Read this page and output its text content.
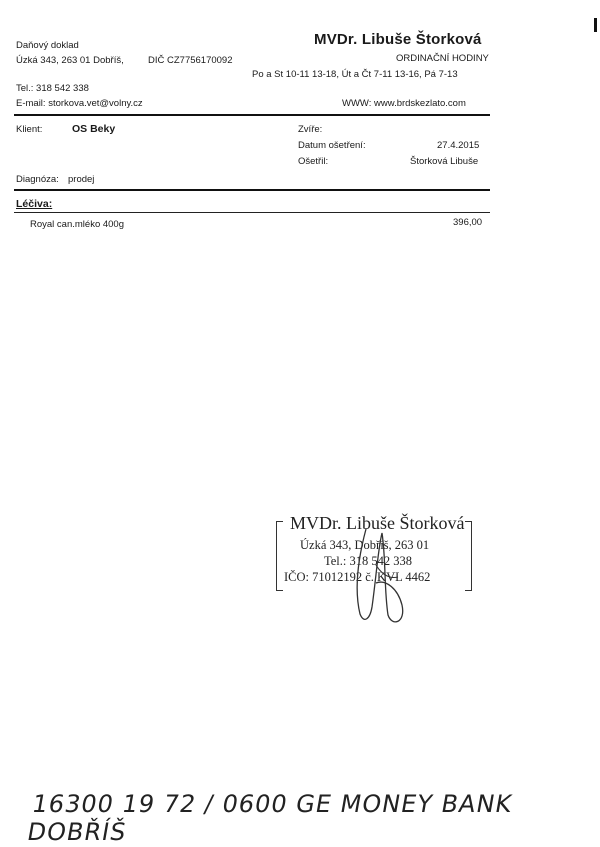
Daňový doklad
Úzká 343, 263 01 Dobříš,	DIČ CZ7756170092
Tel.: 318 542 338
E-mail: storkova.vet@volny.cz
MVDr. Libuše Štorková
ORDINAČNÍ HODINY
Po a St 10-11 13-18, Út a Čt 7-11 13-16, Pá 7-13
WWW: www.brdskezlato.com
Klient:	OS Beky	Zvíře:
Datum ošetření:	27.4.2015
Ošetřil:	Štorková Libuše
Diagnóza: prodej
Léčiva:
Royal can.mléko 400g	396,00
MVDr. Libuše Štorková
Úzká 343, Dobříš, 263 01
Tel.: 318 542 338
IČO: 71012192 č. KVL 4462
16300 19 72 / 0600 GE MONEY BANK DOBŘÍŠ
